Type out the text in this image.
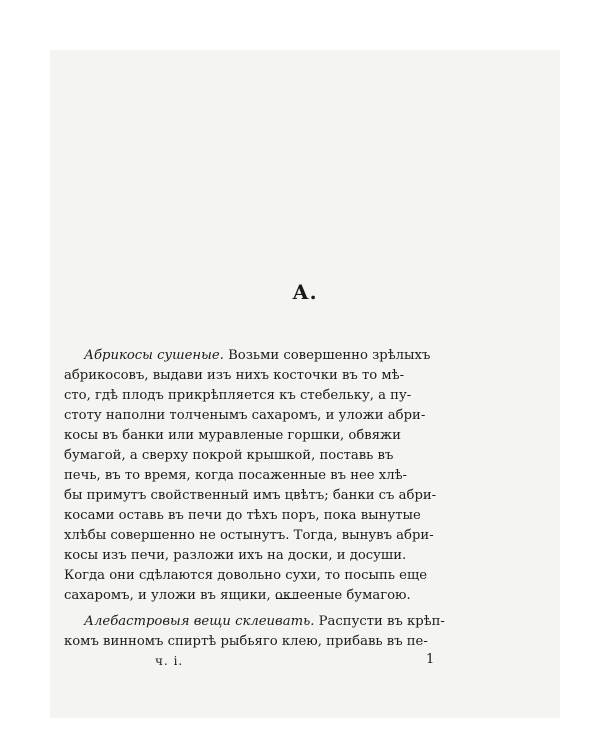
А.
Абрикосы сушеные. Возьми совершенно зрѣлыхъ
абрикосовъ, выдави изъ нихъ косточки въ то мѣ-
сто, гдѣ плодъ прикрѣпляется къ стебельку, а пу-
стоту наполни толченымъ сахаромъ, и уложи абри-
косы въ банки или муравленые горшки, обвяжи
бумагой, а сверху покрой крышкой, поставь въ
печь, въ то время, когда посаженные въ нее хлѣ-
бы примутъ свойственный имъ цвѣтъ; банки съ абри-
косами оставь въ печи до тѣхъ поръ, пока вынутые
хлѣбы совершенно не остынутъ. Тогда, вынувъ абри-
косы изъ печи, разложи ихъ на доски, и досуши.
Когда они сдѣлаются довольно сухи, то посыпь еще
сахаромъ, и уложи въ ящики, оклееные бумагою.
Алебастровыя вещи склеивать. Распусти въ крѣп-
комъ винномъ спиртѣ рыбьяго клею, прибавь въ пе-
ч. і.	1
